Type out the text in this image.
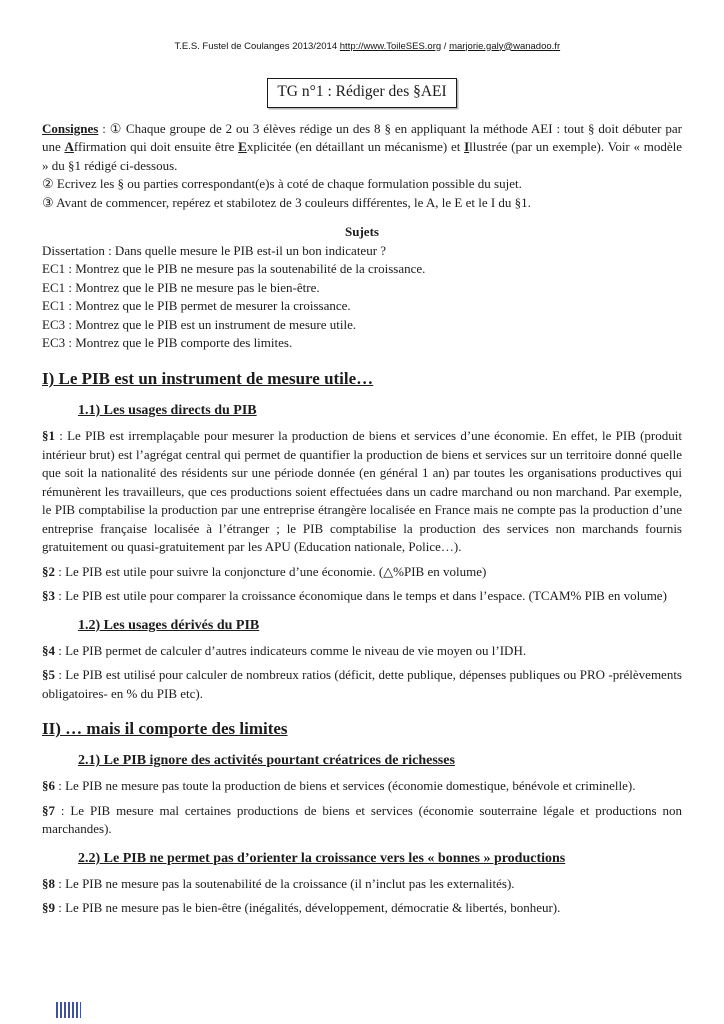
T.E.S. Fustel de Coulanges 2013/2014 http://www.ToileSES.org / marjorie.galy@wanadoo.fr

TG n°1 : Rédiger des §AEI
Consignes : ① Chaque groupe de 2 ou 3 élèves rédige un des 8 § en appliquant la méthode AEI : tout § doit débuter par une Affirmation qui doit ensuite être Explicitée (en détaillant un mécanisme) et Illustrée (par un exemple). Voir « modèle » du §1 rédigé ci-dessous.
② Ecrivez les § ou parties correspondant(e)s à coté de chaque formulation possible du sujet.
③ Avant de commencer, repérez et stabilotez de 3 couleurs différentes, le A, le E et le I du §1.
Sujets
Dissertation : Dans quelle mesure le PIB est-il un bon indicateur ?
EC1 : Montrez que le PIB ne mesure pas la soutenabilité de la croissance.
EC1 : Montrez que le PIB ne mesure pas le bien-être.
EC1 : Montrez que le PIB permet de mesurer la croissance.
EC3 : Montrez que le PIB est un instrument de mesure utile.
EC3 : Montrez que le PIB comporte des limites.
I) Le PIB est un instrument de mesure utile…
1.1) Les usages directs du PIB

§1 : Le PIB est irremplaçable pour mesurer la production de biens et services d’une économie. En effet, le PIB (produit intérieur brut) est l’agrégat central qui permet de quantifier la production de biens et services sur un territoire donné quelle que soit la nationalité des résidents sur une période donnée (en général 1 an) par toutes les organisations productives qui rémunèrent les travailleurs, que ces productions soient effectuées dans un cadre marchand ou non marchand. Par exemple, le PIB comptabilise la production par une entreprise étrangère localisée en France mais ne compte pas la production d’une entreprise française localisée à l’étranger ; le PIB comptabilise la production des services non marchands fournis gratuitement ou quasi-gratuitement par les APU (Education nationale, Police…).

§2 : Le PIB est utile pour suivre la conjoncture d’une économie. (△%PIB en volume)

§3 : Le PIB est utile pour comparer la croissance économique dans le temps et dans l’espace. (TCAM% PIB en volume)

1.2) Les usages dérivés du PIB

§4 : Le PIB permet de calculer d’autres indicateurs comme le niveau de vie moyen ou l’IDH.

§5 : Le PIB est utilisé pour calculer de nombreux ratios (déficit, dette publique, dépenses publiques ou PRO -prélèvements obligatoires- en % du PIB etc).

II) … mais il comporte des limites
2.1) Le PIB ignore des activités pourtant créatrices de richesses

§6 : Le PIB ne mesure pas toute la production de biens et services (économie domestique, bénévole et criminelle).

§7 : Le PIB mesure mal certaines productions de biens et services (économie souterraine légale et productions non marchandes).

2.2) Le PIB ne permet pas d’orienter la croissance vers les « bonnes » productions

§8 : Le PIB ne mesure pas la soutenabilité de la croissance (il n’inclut pas les externalités).

§9 : Le PIB ne mesure pas le bien-être (inégalités, développement, démocratie & libertés, bonheur).
